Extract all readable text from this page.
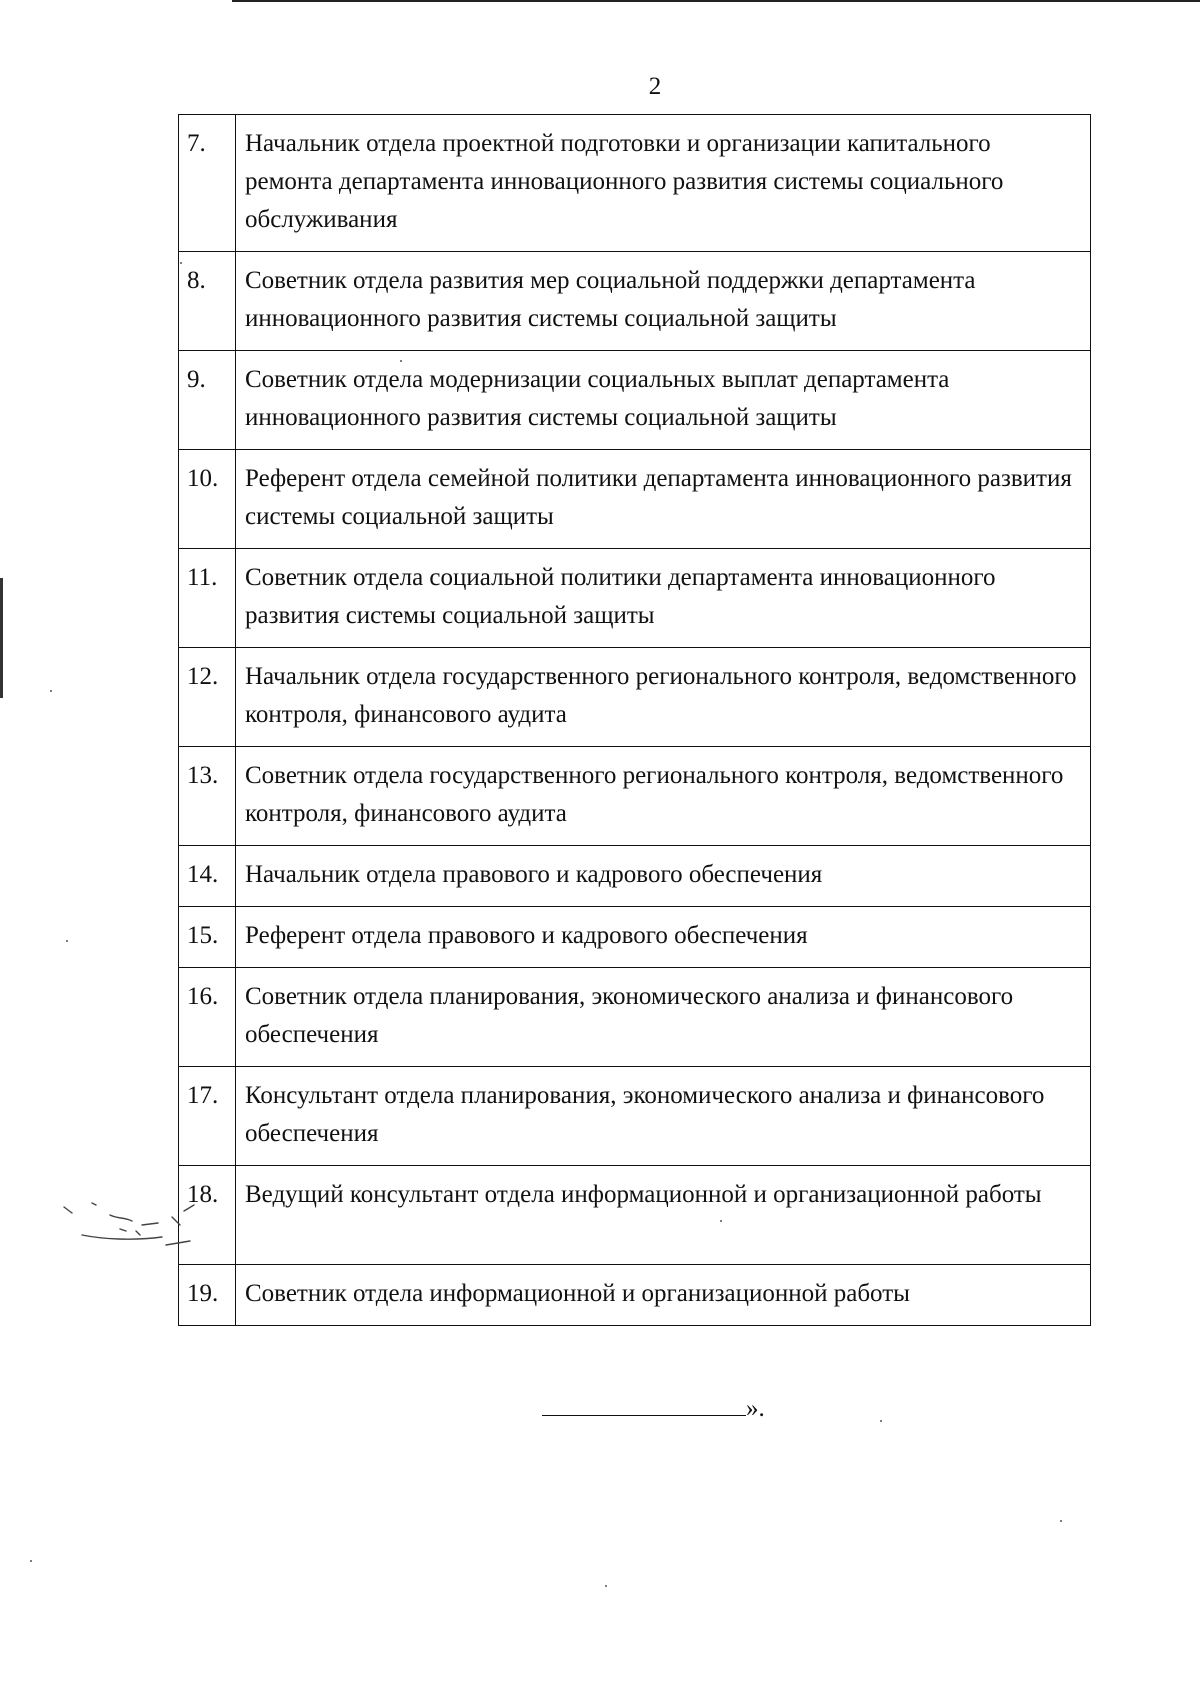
2
7.	Начальник отдела проектной подготовки и организации капитального ремонта департамента инновационного развития системы социального обслуживания
8.	Советник отдела развития мер социальной поддержки департамента инновационного развития системы социальной защиты
9.	Советник отдела модернизации социальных выплат департамента инновационного развития системы социальной защиты
10.	Референт отдела семейной политики департамента инновационного развития системы социальной защиты
11.	Советник отдела социальной политики департамента инновационного развития системы социальной защиты
12.	Начальник отдела государственного регионального контроля, ведомственного контроля, финансового аудита
13.	Советник отдела государственного регионального контроля, ведомственного контроля, финансового аудита
14.	Начальник отдела правового и кадрового обеспечения
15.	Референт отдела правового и кадрового обеспечения
16.	Советник отдела планирования, экономического анализа и финансового обеспечения
17.	Консультант отдела планирования, экономического анализа и финансового обеспечения
18.	Ведущий консультант отдела информационной и организационной работы
19.	Советник отдела информационной и организационной работы
».
